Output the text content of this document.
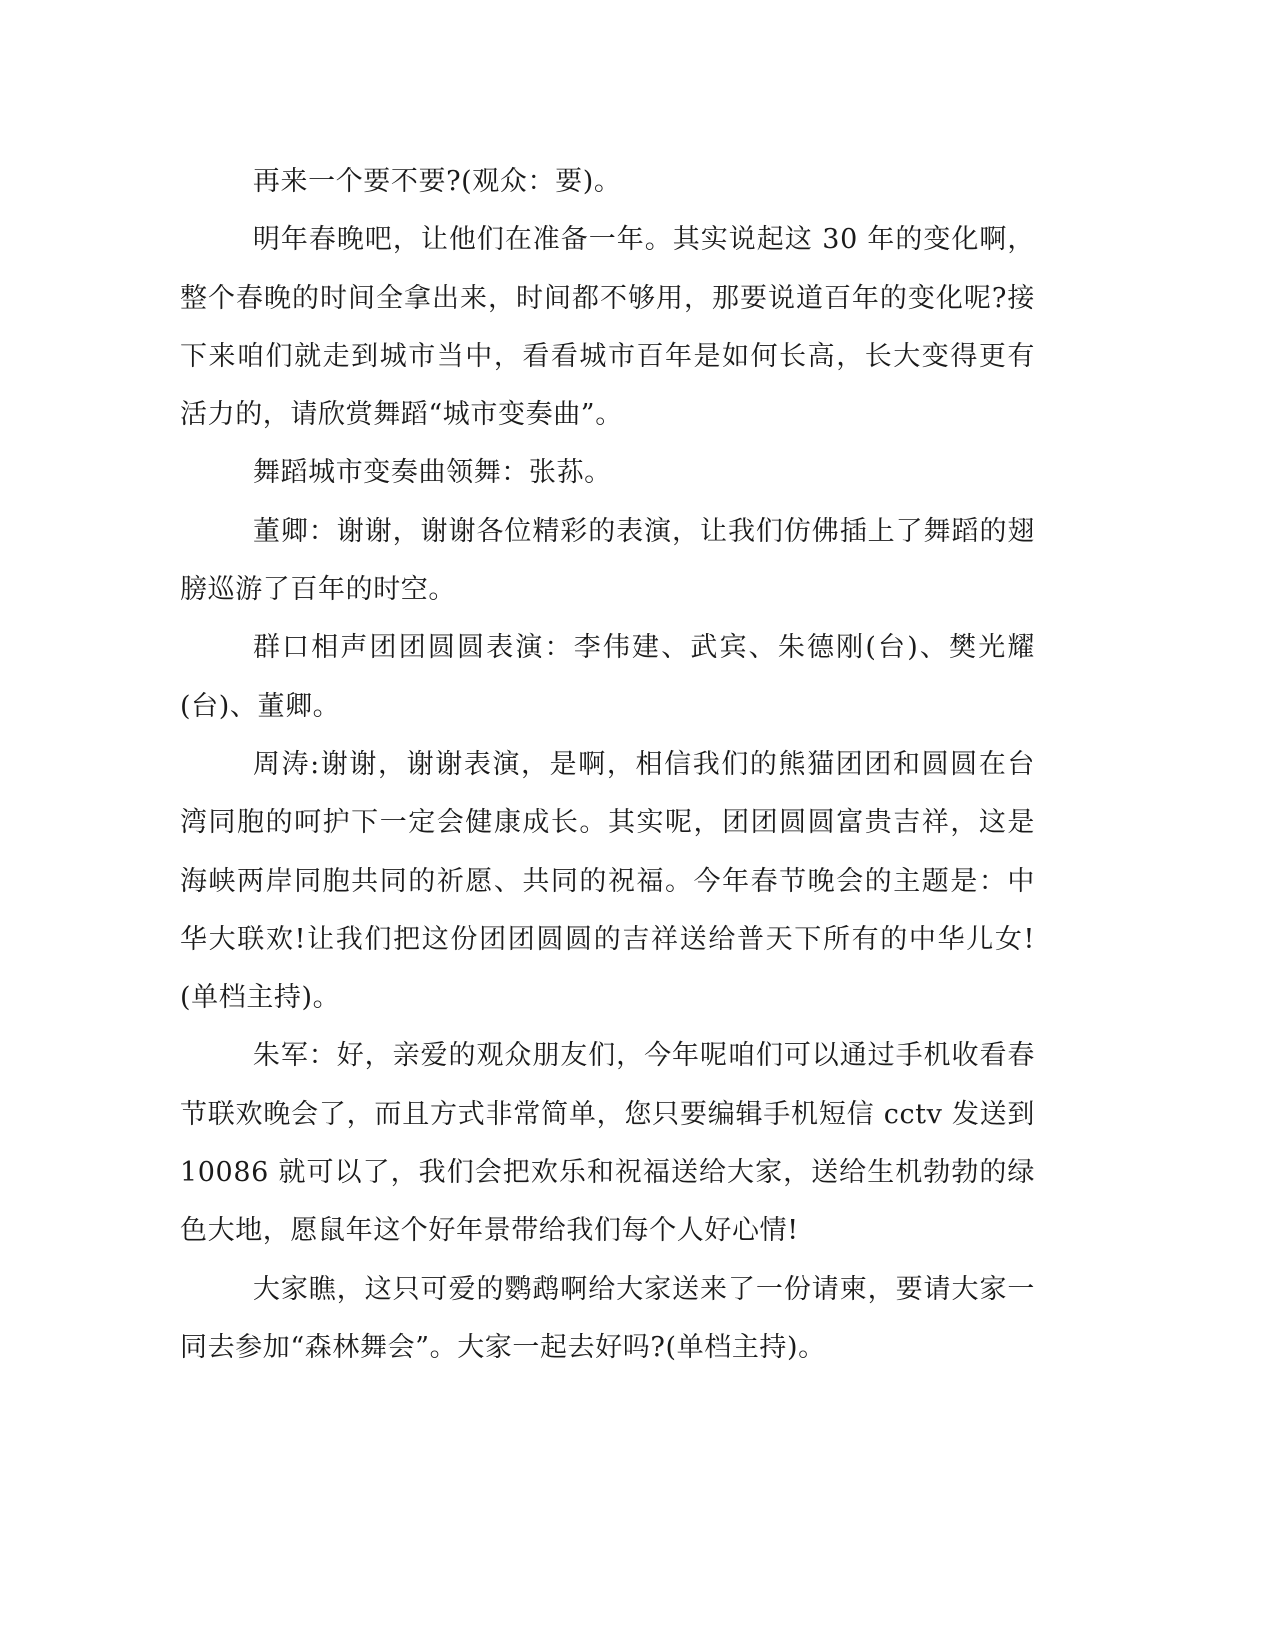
再来一个要不要?(观众：要)。

明年春晚吧，让他们在准备一年。其实说起这 30 年的变化啊，整个春晚的时间全拿出来，时间都不够用，那要说道百年的变化呢?接下来咱们就走到城市当中，看看城市百年是如何长高，长大变得更有活力的，请欣赏舞蹈“城市变奏曲”。

舞蹈城市变奏曲领舞：张荪。

董卿：谢谢，谢谢各位精彩的表演，让我们仿佛插上了舞蹈的翅膀巡游了百年的时空。

群口相声团团圆圆表演：李伟建、武宾、朱德刚(台)、樊光耀(台)、董卿。

周涛:谢谢，谢谢表演，是啊，相信我们的熊猫团团和圆圆在台湾同胞的呵护下一定会健康成长。其实呢，团团圆圆富贵吉祥，这是海峡两岸同胞共同的祈愿、共同的祝福。今年春节晚会的主题是：中华大联欢!让我们把这份团团圆圆的吉祥送给普天下所有的中华儿女!(单档主持)。

朱军：好，亲爱的观众朋友们，今年呢咱们可以通过手机收看春节联欢晚会了，而且方式非常简单，您只要编辑手机短信 cctv 发送到 10086 就可以了，我们会把欢乐和祝福送给大家，送给生机勃勃的绿色大地，愿鼠年这个好年景带给我们每个人好心情!

大家瞧，这只可爱的鹦鹉啊给大家送来了一份请柬，要请大家一同去参加“森林舞会”。大家一起去好吗?(单档主持)。
